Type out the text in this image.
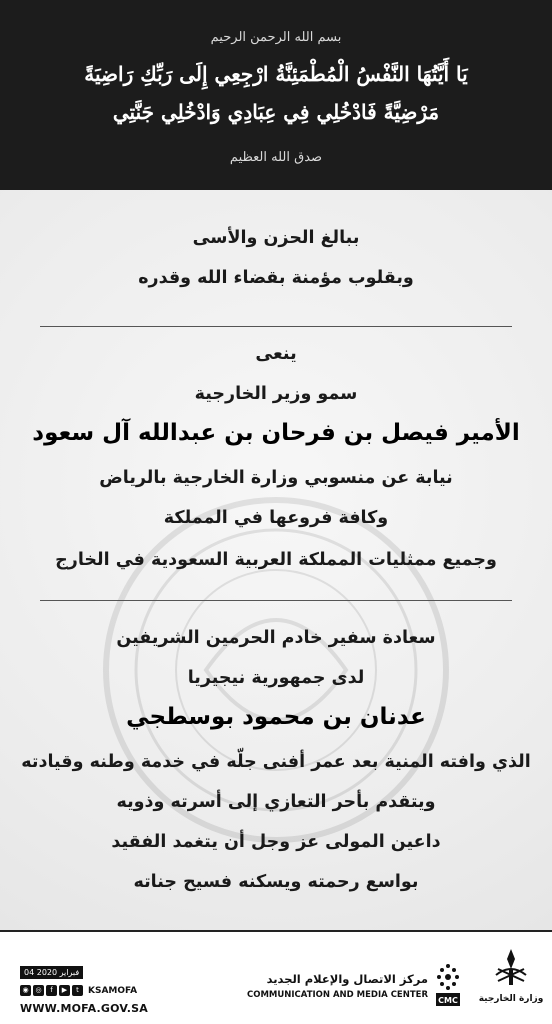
بسم الله الرحمن الرحيم
يَا أَيَّتُهَا النَّفْسُ الْمُطْمَئِنَّةُ ارْجِعِي إِلَى رَبِّكِ رَاضِيَةً
مَرْضِيَّةً فَادْخُلِي فِي عِبَادِي وَادْخُلِي جَنَّتِي
صدق الله العظيم
ببالغ الحزن والأسى
وبقلوب مؤمنة بقضاء الله وقدره
ينعى
سمو وزير الخارجية
الأمير فيصل بن فرحان بن عبدالله آل سعود
نيابة عن منسوبي وزارة الخارجية بالرياض
وكافة فروعها في المملكة
وجميع ممثليات المملكة العربية السعودية في الخارج
سعادة سفير خادم الحرمين الشريفين
لدى جمهورية نيجيريا
عدنان بن محمود بوسطجي
الذي وافته المنية بعد عمر أفنى جلّه في خدمة وطنه وقيادته
ويتقدم بأحر التعازي إلى أسرته وذويه
داعين المولى عز وجل أن يتغمد الفقيد
بواسع رحمته ويسكنه فسيح جناته
04 فبراير 2020
◉ ◎	f	▶	t	KSAMOFA
WWW.MOFA.GOV.SA
مركز الاتصال والإعلام الجديد
COMMUNICATION AND MEDIA CENTER
CMC وزارة الخارجية
